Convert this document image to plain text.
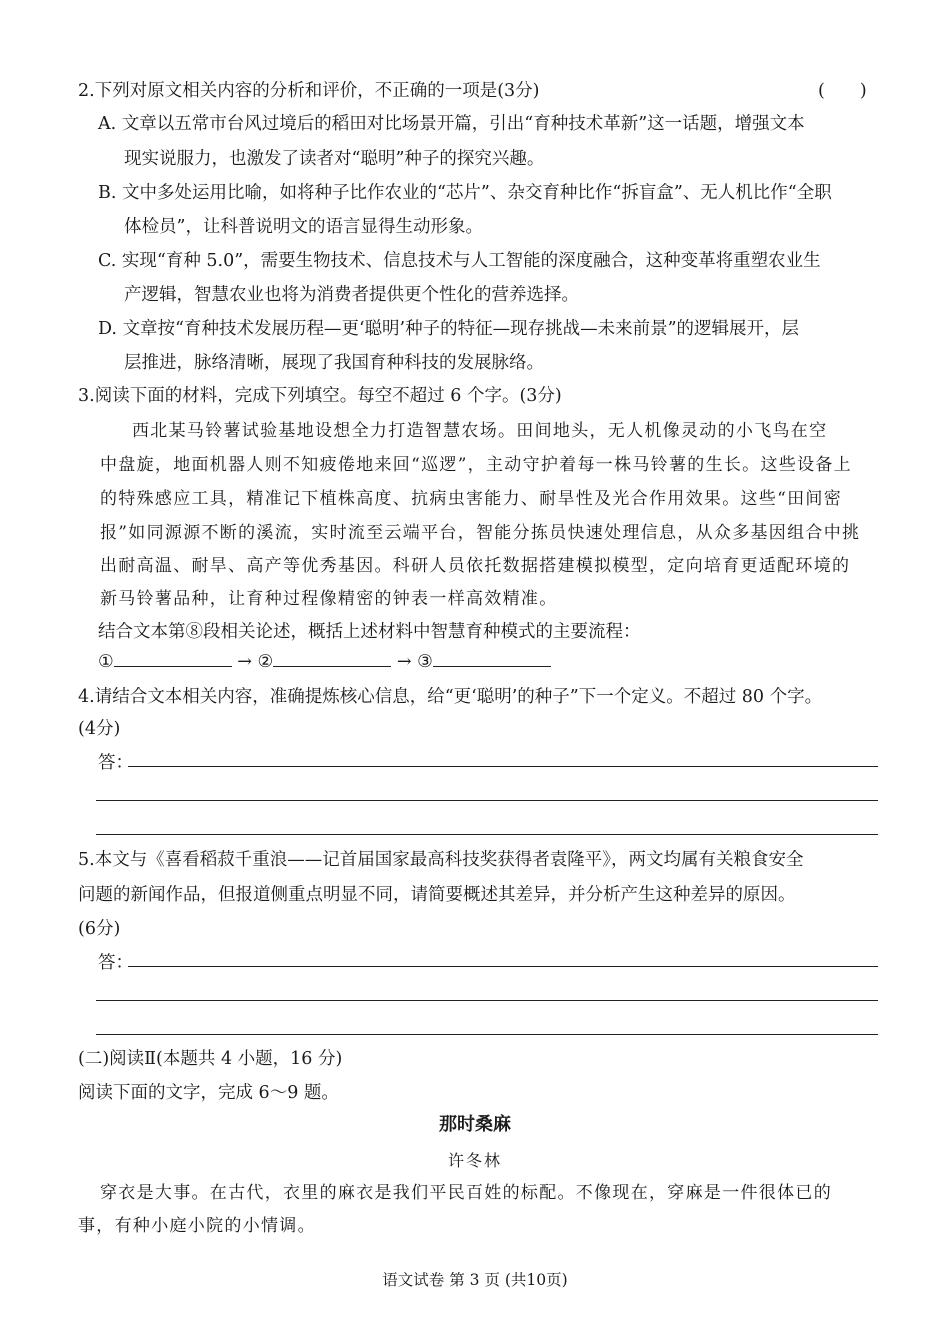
2.下列对原文相关内容的分析和评价，不正确的一项是(3分)	(　　)
A. 文章以五常市台风过境后的稻田对比场景开篇，引出“育种技术革新”这一话题，增强文本
现实说服力，也激发了读者对“聪明”种子的探究兴趣。
B. 文中多处运用比喻，如将种子比作农业的“芯片”、杂交育种比作“拆盲盒”、无人机比作“全职
体检员”，让科普说明文的语言显得生动形象。
C. 实现“育种 5.0”，需要生物技术、信息技术与人工智能的深度融合，这种变革将重塑农业生
产逻辑，智慧农业也将为消费者提供更个性化的营养选择。
D. 文章按“育种技术发展历程—更‘聪明’种子的特征—现存挑战—未来前景”的逻辑展开，层
层推进，脉络清晰，展现了我国育种科技的发展脉络。
3.阅读下面的材料，完成下列填空。每空不超过 6 个字。(3分)
西北某马铃薯试验基地设想全力打造智慧农场。田间地头，无人机像灵动的小飞鸟在空
中盘旋，地面机器人则不知疲倦地来回“巡逻”，主动守护着每一株马铃薯的生长。这些设备上
的特殊感应工具，精准记下植株高度、抗病虫害能力、耐旱性及光合作用效果。这些“田间密
报”如同源源不断的溪流，实时流至云端平台，智能分拣员快速处理信息，从众多基因组合中挑
出耐高温、耐旱、高产等优秀基因。科研人员依托数据搭建模拟模型，定向培育更适配环境的
新马铃薯品种，让育种过程像精密的钟表一样高效精准。
结合文本第⑧段相关论述，概括上述材料中智慧育种模式的主要流程：
①	→ ②	→ ③
4.请结合文本相关内容，准确提炼核心信息，给“更‘聪明’的种子”下一个定义。不超过 80 个字。
(4分)
答：
5.本文与《喜看稻菽千重浪——记首届国家最高科技奖获得者袁隆平》，两文均属有关粮食安全
问题的新闻作品，但报道侧重点明显不同，请简要概述其差异，并分析产生这种差异的原因。
(6分)
答：
(二)阅读Ⅱ(本题共 4 小题，16 分)
阅读下面的文字，完成 6～9 题。
那时桑麻
许冬林
穿衣是大事。在古代，衣里的麻衣是我们平民百姓的标配。不像现在，穿麻是一件很体已的
事，有种小庭小院的小情调。
语文试卷 第 3 页 (共10页)
